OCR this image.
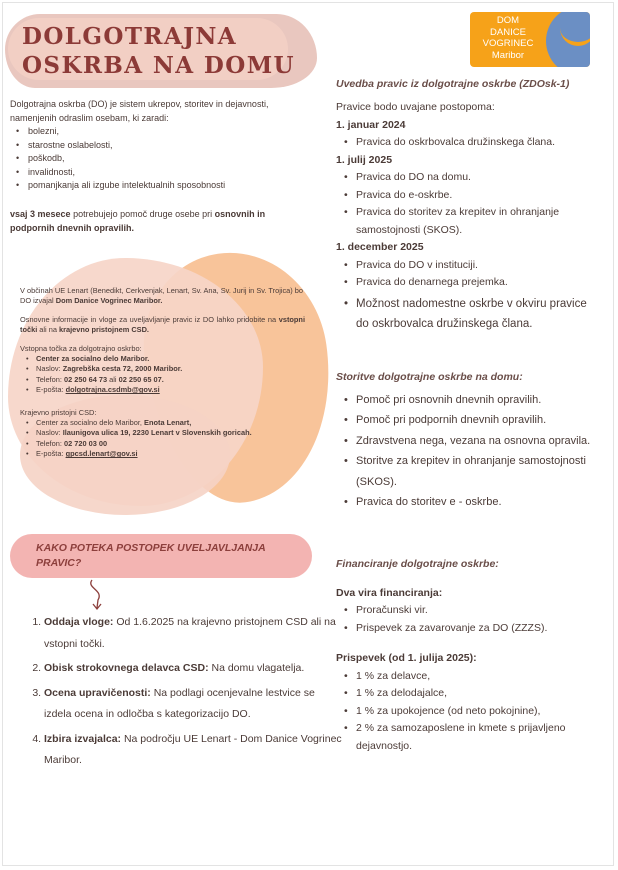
DOLGOTRAJNA
OSKRBA NA DOMU
DOM
DANICE
VOGRINEC
Maribor

Dolgotrajna oskrba (DO) je sistem ukrepov, storitev in dejavnosti, namenjenih odraslim osebam, ki zaradi:

• bolezni,
• starostne oslabelosti,
• poškodb,
• invalidnosti,
• pomanjkanja ali izgube intelektualnih sposobnosti

vsaj 3 mesece potrebujejo pomoč druge osebe pri osnovnih in podpornih dnevnih opravilih.

V občinah UE Lenart (Benedikt, Cerkvenjak, Lenart, Sv. Ana, Sv. Jurij in Sv. Trojica) bo DO izvajal Dom Danice Vogrinec Maribor.

Osnovne informacije in vloge za uveljavljanje pravic iz DO lahko pridobite na vstopni točki ali na krajevno pristojnem CSD.

Vstopna točka za dolgotrajno oskrbo:

• Center za socialno delo Maribor.
• Naslov: Zagrebška cesta 72, 2000 Maribor.
• Telefon: 02 250 64 73 ali 02 250 65 07.
• E-pošta: dolgotrajna.csdmb@gov.si

Krajevno pristojni CSD:

• Center za socialno delo Maribor, Enota Lenart,
• Naslov: Ilaunigova ulica 19, 2230 Lenart v Slovenskih goricah.
• Telefon: 02 720 03 00
• E-pošta: gpcsd.lenart@gov.si

KAKO POTEKA POSTOPEK UVELJAVLJANJA PRAVIC?

1. Oddaja vloge: Od 1.6.2025 na krajevno pristojnem CSD ali na vstopni točki.
2. Obisk strokovnega delavca CSD: Na domu vlagatelja.
3. Ocena upravičenosti: Na podlagi ocenjevalne lestvice se izdela ocena in odločba s kategorizacijo DO.
4. Izbira izvajalca: Na področju UE Lenart - Dom Danice Vogrinec Maribor.

Uvedba pravic iz dolgotrajne oskrbe (ZDOsk-1)

Pravice bodo uvajane postopoma:

1. januar 2024

• Pravica do oskrbovalca družinskega člana.

1. julij 2025

• Pravica do DO na domu.
• Pravica do e-oskrbe.
• Pravica do storitev za krepitev in ohranjanje samostojnosti (SKOS).

1. december 2025

• Pravica do DO v instituciji.
• Pravica do denarnega prejemka.
• Možnost nadomestne oskrbe v okviru pravice do oskrbovalca družinskega člana.

Storitve dolgotrajne oskrbe na domu:

• Pomoč pri osnovnih dnevnih opravilih.
• Pomoč pri podpornih dnevnih opravilih.
• Zdravstvena nega, vezana na osnovna opravila.
• Storitve za krepitev in ohranjanje samostojnosti (SKOS).
• Pravica do storitev e - oskrbe.

Financiranje dolgotrajne oskrbe:

Dva vira financiranja:

• Proračunski vir.
• Prispevek za zavarovanje za DO (ZZZS).

Prispevek (od 1. julija 2025):

• 1 % za delavce,
• 1 % za delodajalce,
• 1 % za upokojence (od neto pokojnine),
• 2 % za samozaposlene in kmete s prijavljeno dejavnostjo.
